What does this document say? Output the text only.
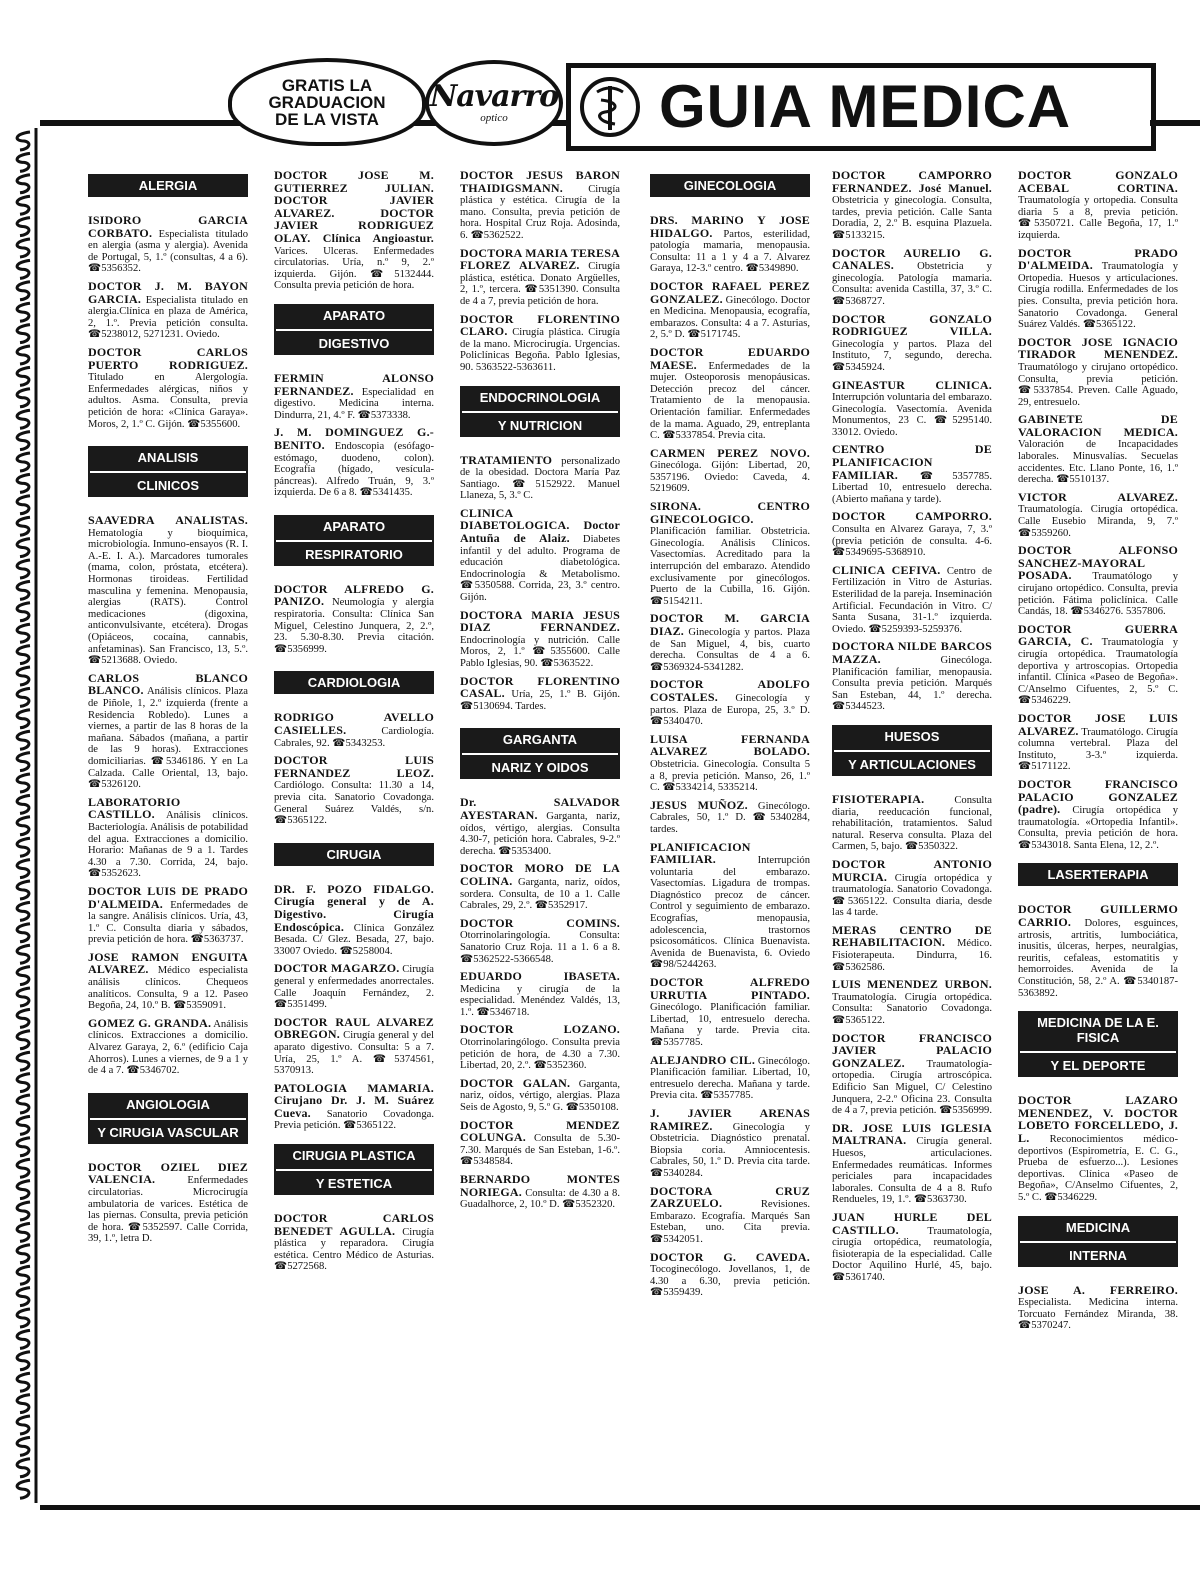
GRATIS LA
GRADUACION
DE LA VISTA
Navarro
optico	GUIA MEDICA
ALERGIA

ISIDORO GARCIA CORBATO. Especialista titulado en alergia (asma y alergia). Avenida de Portugal, 5, 1.º (consultas, 4 a 6). ☎5356352.

DOCTOR J. M. BAYON GARCIA. Especialista titulado en alergia.Clínica en plaza de América, 2, 1.º. Previa petición consulta. ☎5238012, 5271231. Oviedo.

DOCTOR CARLOS PUERTO RODRIGUEZ. Titulado en Alergología. Enfermedades alérgicas, niños y adultos. Asma. Consulta, previa petición de hora: «Clínica Garaya». Moros, 2, 1.º C. Gijón. ☎5355600.

ANALISIS
CLINICOS

SAAVEDRA ANALISTAS. Hematología y bioquímica, microbiología. Inmuno-ensayos (R. I. A.-E. I. A.). Marcadores tumorales (mama, colon, próstata, etcétera). Hormonas tiroideas. Fertilidad masculina y femenina. Menopausia, alergias (RATS). Control medicaciones (digoxina, anticonvulsivante, etcétera). Drogas (Opiáceos, cocaína, cannabis, anfetaminas). San Francisco, 13, 5.º. ☎5213688. Oviedo.

CARLOS BLANCO BLANCO. Análisis clínicos. Plaza de Piñole, 1, 2.º izquierda (frente a Residencia Robledo). Lunes a viernes, a partir de las 8 horas de la mañana. Sábados (mañana, a partir de las 9 horas). Extracciones domiciliarias. ☎5346186. Y en La Calzada. Calle Oriental, 13, bajo. ☎5326120.

LABORATORIO CASTILLO. Análisis clínicos. Bacteriología. Análisis de potabilidad del agua. Extracciones a domicilio. Horario: Mañanas de 9 a 1. Tardes 4.30 a 7.30. Corrida, 24, bajo. ☎5352623.

DOCTOR LUIS DE PRADO D'ALMEIDA. Enfermedades de la sangre. Análisis clínicos. Uría, 43, 1.º C. Consulta diaria y sábados, previa petición de hora. ☎5363737.

JOSE RAMON ENGUITA ALVAREZ. Médico especialista análisis clínicos. Chequeos analíticos. Consulta, 9 a 12. Paseo Begoña, 24, 10.º B. ☎5359091.

GOMEZ G. GRANDA. Análisis clínicos. Extracciones a domicilio. Alvarez Garaya, 2, 6.º (edificio Caja Ahorros). Lunes a viernes, de 9 a 1 y de 4 a 7. ☎5346702.

ANGIOLOGIA
Y CIRUGIA VASCULAR

DOCTOR OZIEL DIEZ VALENCIA.	Enfermedades circulatorias. Microcirugía ambulatoria de varices. Estética de las piernas. Consulta, previa petición de hora. ☎5352597. Calle Corrida, 39, 1.º, letra D.

DOCTOR JOSE M. GUTIERREZ JULIAN. DOCTOR JAVIER ALVAREZ. DOCTOR JAVIER RODRIGUEZ OLAY. Clínica Angioastur. Varices. Ulceras. Enfermedades circulatorias. Uría, n.º 9, 2.º izquierda. Gijón. ☎5132444. Consulta previa petición de hora.

APARATO
DIGESTIVO

FERMIN ALONSO FERNANDEZ. Especialidad en digestivo. Medicina interna. Dindurra, 21, 4.º F. ☎5373338.

J. M. DOMINGUEZ G.- BENITO. Endoscopia (esófago-estómago, duodeno, colon). Ecografía (hígado, vesícula-páncreas). Alfredo Truán, 9, 3.º izquierda. De 6 a 8. ☎5341435.

APARATO
RESPIRATORIO

DOCTOR ALFREDO G. PANIZO. Neumología y alergia respiratoria. Consulta: Clínica San Miguel, Celestino Junquera, 2, 2.º, 23. 5.30-8.30. Previa citación. ☎5356999.

CARDIOLOGIA

RODRIGO AVELLO CASIELLES.	Cardiología. Cabrales, 92. ☎5343253.

DOCTOR LUIS FERNANDEZ LEOZ. Cardiólogo. Consulta: 11.30 a 14, previa cita. Sanatorio Covadonga. General Suárez Valdés, s/n. ☎5365122.

CIRUGIA

DR. F. POZO FIDALGO. Cirugía general y de A. Digestivo. Cirugía Endoscópica. Clínica González Besada. C/ Glez. Besada, 27, bajo. 33007 Oviedo. ☎5258004.

DOCTOR MAGARZO. Cirugía general y enfermedades anorrectales. Calle Joaquín Fernández, 2. ☎5351499.

DOCTOR RAUL ALVAREZ OBREGON. Cirugía general y del aparato digestivo. Consulta: 5 a 7. Uría, 25, 1.º A. ☎5374561, 5370913.

PATOLOGIA MAMARIA. Cirujano Dr. J. M. Suárez Cueva. Sanatorio Covadonga. Previa petición. ☎5365122.

CIRUGIA PLASTICA
Y ESTETICA

DOCTOR CARLOS BENEDET AGULLA. Cirugía plástica y reparadora. Cirugía estética. Centro Médico de Asturias. ☎5272568.

DOCTOR JESUS BARON THAIDIGSMANN. Cirugía plástica y estética. Cirugía de la mano. Consulta, previa petición de hora. Hospital Cruz Roja. Adosinda, 6. ☎5362522.

DOCTORA MARIA TERESA FLOREZ ALVAREZ. Cirugía plástica, estética. Donato Argüelles, 2, 1.º, tercera. ☎5351390. Consulta de 4 a 7, previa petición de hora.

DOCTOR FLORENTINO CLARO. Cirugía plástica. Cirugía de la mano. Microcirugía. Urgencias. Policlínicas Begoña. Pablo Iglesias, 90. 5363522-5363611.

ENDOCRINOLOGIA
Y NUTRICION

TRATAMIENTO personalizado de la obesidad. Doctora María Paz Santiago. ☎5152922. Manuel Llaneza, 5, 3.º C.

CLINICA DIABETOLOGICA. Doctor Antuña de Alaiz. Diabetes infantil y del adulto. Programa de educación diabetológica. Endocrinología & Metabolismo. ☎5350588. Corrida, 23, 3.º centro. Gijón.

DOCTORA MARIA JESUS DIAZ FERNANDEZ. Endocrinología y nutrición. Calle Moros, 2, 1.º ☎5355600. Calle Pablo Iglesias, 90. ☎5363522.

DOCTOR FLORENTINO CASAL. Uría, 25, 1.º B. Gijón. ☎5130694. Tardes.

GARGANTA
NARIZ Y OIDOS

Dr. SALVADOR AYESTARAN. Garganta, nariz, oídos, vértigo, alergias. Consulta 4.30-7, petición hora. Cabrales, 9-2.º derecha. ☎5353400.

DOCTOR MORO DE LA COLINA. Garganta, nariz, oídos, sordera. Consulta, de 10 a 1. Calle Cabrales, 29, 2.º. ☎5352917.

DOCTOR COMINS. Otorrinolaringología. Consulta: Sanatorio Cruz Roja. 11 a 1. 6 a 8. ☎5362522-5366548.

EDUARDO IBASETA. Medicina y cirugía de la especialidad. Menéndez Valdés, 13, 1.º. ☎5346718.

DOCTOR LOZANO. Otorrinolaringólogo. Consulta previa petición de hora, de 4.30 a 7.30. Libertad, 20, 2.º. ☎5352360.

DOCTOR GALAN. Garganta, nariz, oídos, vértigo, alergias. Plaza Seis de Agosto, 9, 5.º G. ☎5350108.

DOCTOR MENDEZ COLUNGA. Consulta de 5.30-7.30. Marqués de San Esteban, 1-6.º. ☎5348584.

BERNARDO MONTES NORIEGA. Consulta: de 4.30 a 8. Guadalhorce, 2, 10.º D. ☎5352320.

GINECOLOGIA

DRS. MARINO Y JOSE HIDALGO. Partos, esterilidad, patología mamaria, menopausia. Consulta: 11 a 1 y 4 a 7. Alvarez Garaya, 12-3.º centro. ☎5349890.

DOCTOR RAFAEL PEREZ GONZALEZ. Ginecólogo. Doctor en Medicina. Menopausia, ecografía, embarazos. Consulta: 4 a 7. Asturias, 2, 5.º D. ☎5171745.

DOCTOR EDUARDO MAESE. Enfermedades de la mujer. Osteoporosis menopáusicas. Detección precoz del cáncer. Tratamiento de la menopausia. Orientación familiar. Enfermedades de la mama. Aguado, 29, entreplanta C. ☎5337854. Previa cita.

CARMEN PEREZ NOVO. Ginecóloga. Gijón: Libertad, 20, 5357196. Oviedo: Caveda, 4. 5219609.

SIRONA. CENTRO GINECOLOGICO. Planificación familiar. Obstetricia. Ginecología. Análisis Clínicos. Vasectomías. Acreditado para la interrupción del embarazo. Atendido exclusivamente por ginecólogos. Puerto de la Cubilla, 16. Gijón. ☎5154211.

DOCTOR M. GARCIA DIAZ. Ginecología y partos. Plaza de San Miguel, 4, bis, cuarto derecha. Consultas de 4 a 6. ☎5369324-5341282.

DOCTOR ADOLFO COSTALES. Ginecología y partos. Plaza de Europa, 25, 3.º D. ☎5340470.

LUISA FERNANDA ALVAREZ BOLADO. Obstetricia. Ginecología. Consulta 5 a 8, previa petición. Manso, 26, 1.º C. ☎5334214, 5335214.

JESUS MUÑOZ. Ginecólogo. Cabrales, 50, 1.º D. ☎5340284, tardes.

PLANIFICACION FAMILIAR.	Interrupción voluntaria del embarazo. Vasectomías. Ligadura de trompas. Diagnóstico precoz de cáncer. Control y seguimiento de embarazo. Ecografías, menopausia, adolescencia, trastornos psicosomáticos. Clínica Buenavista. Avenida de Buenavista, 6. Oviedo ☎98/5244263.

DOCTOR ALFREDO URRUTIA PINTADO. Ginecólogo. Planificación familiar. Libertad, 10, entresuelo derecha. Mañana y tarde. Previa cita. ☎5357785.

ALEJANDRO CIL. Ginecólogo. Planificación familiar. Libertad, 10, entresuelo derecha. Mañana y tarde. Previa cita. ☎5357785.

J. JAVIER ARENAS RAMIREZ. Ginecología y Obstetricia. Diagnóstico prenatal. Biopsia coria. Amniocentesis. Cabrales, 50, 1.º D. Previa cita tarde. ☎5340284.

DOCTORA CRUZ ZARZUELO.	Revisiones. Embarazo. Ecografía. Marqués San Esteban, uno. Cita previa. ☎5342051.

DOCTOR G. CAVEDA. Tocoginecólogo. Jovellanos, 1, de 4.30 a 6.30, previa petición. ☎5359439.

DOCTOR CAMPORRO FERNANDEZ. José Manuel. Obstetricia y ginecología. Consulta, tardes, previa petición. Calle Santa Doradia, 2, 2.º B. esquina Plazuela. ☎5133215.

DOCTOR AURELIO G. CANALES. Obstetricia y ginecología. Patología mamaria. Consulta: avenida Castilla, 37, 3.º C. ☎5368727.

DOCTOR GONZALO RODRIGUEZ VILLA. Ginecología y partos. Plaza del Instituto, 7, segundo, derecha. ☎5345924.

GINEASTUR CLINICA. Interrupción voluntaria del embarazo. Ginecología. Vasectomía. Avenida Monumentos, 23 C. ☎5295140. 33012. Oviedo.

CENTRO DE PLANIFICACION FAMILIAR. ☎5357785. Libertad 10, entresuelo derecha. (Abierto mañana y tarde).

DOCTOR CAMPORRO. Consulta en Alvarez Garaya, 7, 3.º (previa petición de consulta. 4-6. ☎5349695-5368910.

CLINICA CEFIVA. Centro de Fertilización in Vitro de Asturias. Esterilidad de la pareja. Inseminación Artificial. Fecundación in Vitro. C/ Santa Susana, 31-1.º izquierda. Oviedo. ☎5259393-5259376.

DOCTORA NILDE BARCOS MAZZA.	Ginecóloga. Planificación familiar, menopausia. Consulta previa petición. Marqués San Esteban, 44, 1.º derecha. ☎5344523.

HUESOS
Y ARTICULACIONES

FISIOTERAPIA.	Consulta diaria, reeducación funcional, rehabilitación, tratamientos. Salud natural. Reserva consulta. Plaza del Carmen, 5, bajo. ☎5350322.

DOCTOR ANTONIO MURCIA. Cirugía ortopédica y traumatología. Sanatorio Covadonga. ☎5365122. Consulta diaria, desde las 4 tarde.

MERAS CENTRO DE REHABILITACION. Médico. Fisioterapeuta. Dindurra, 16. ☎5362586.

LUIS MENENDEZ URBON. Traumatología. Cirugía ortopédica. Consulta: Sanatorio Covadonga. ☎5365122.

DOCTOR FRANCISCO JAVIER PALACIO GONZALEZ. Traumatología-ortopedia. Cirugía artroscópica. Edificio San Miguel, C/ Celestino Junquera, 2-2.º Oficina 23. Consulta de 4 a 7, previa petición. ☎5356999.

DR. JOSE LUIS IGLESIA MALTRANA. Cirugía general. Huesos, articulaciones. Enfermedades reumáticas. Informes periciales para incapacidades laborales. Consulta de 4 a 8. Rufo Rendueles, 19, 1.º. ☎5363730.

JUAN HURLE DEL CASTILLO.	Traumatología, cirugía ortopédica, reumatología, fisioterapia de la especialidad. Calle Doctor Aquilino Hurlé, 45, bajo. ☎5361740.

DOCTOR GONZALO ACEBAL CORTINA. Traumatología y ortopedia. Consulta diaria 5 a 8, previa petición. ☎5350721. Calle Begoña, 17, 1.º izquierda.

DOCTOR PRADO D'ALMEIDA. Traumatología y Ortopedia. Huesos y articulaciones. Cirugía rodilla. Enfermedades de los pies. Consulta, previa petición hora. Sanatorio Covadonga. General Suárez Valdés. ☎5365122.

DOCTOR JOSE IGNACIO TIRADOR MENENDEZ. Traumatólogo y cirujano ortopédico. Consulta, previa petición. ☎5337854. Preven. Calle Aguado, 29, entresuelo.

GABINETE DE VALORACION MEDICA. Valoración de Incapacidades laborales. Minusvalías. Secuelas accidentes. Etc. Llano Ponte, 16, 1.º derecha. ☎5510137.

VICTOR ALVAREZ. Traumatología. Cirugía ortopédica. Calle Eusebio Miranda, 9, 7.º ☎5359260.

DOCTOR ALFONSO SANCHEZ-MAYORAL POSADA. Traumatólogo y cirujano ortopédico. Consulta, previa petición. Fátima policlínica. Calle Candás, 18. ☎5346276. 5357806.

DOCTOR GUERRA GARCIA, C. Traumatología y cirugía ortopédica. Traumatología deportiva y artroscopias. Ortopedia infantil. Clínica «Paseo de Begoña». C/Anselmo Cifuentes, 2, 5.º C. ☎5346229.

DOCTOR JOSE LUIS ALVAREZ. Traumatólogo. Cirugía columna vertebral. Plaza del Instituto, 3-3.º izquierda. ☎5171122.

DOCTOR FRANCISCO PALACIO GONZALEZ (padre). Cirugía ortopédica y traumatología. «Ortopedia Infantil». Consulta, previa petición de hora. ☎5343018. Santa Elena, 12, 2.º.

LASERTERAPIA

DOCTOR GUILLERMO CARRIO. Dolores, esguinces, artrosis, artritis, lumbociática, inusitis, úlceras, herpes, neuralgias, reuritis, cefaleas, estomatitis y hemorroides. Avenida de la Constitución, 58, 2.º A. ☎5340187-5363892.

MEDICINA DE LA E. FISICA
Y EL DEPORTE

DOCTOR LAZARO MENENDEZ, V. DOCTOR LOBETO FORCELLEDO, J. L. Reconocimientos médico-deportivos (Espirometría, E. C. G., Prueba de esfuerzo...). Lesiones deportivas. Clínica «Paseo de Begoña», C/Anselmo Cifuentes, 2, 5.º C. ☎5346229.

MEDICINA
INTERNA

JOSE A. FERREIRO. Especialista. Medicina interna. Torcuato Fernández Miranda, 38. ☎5370247.
